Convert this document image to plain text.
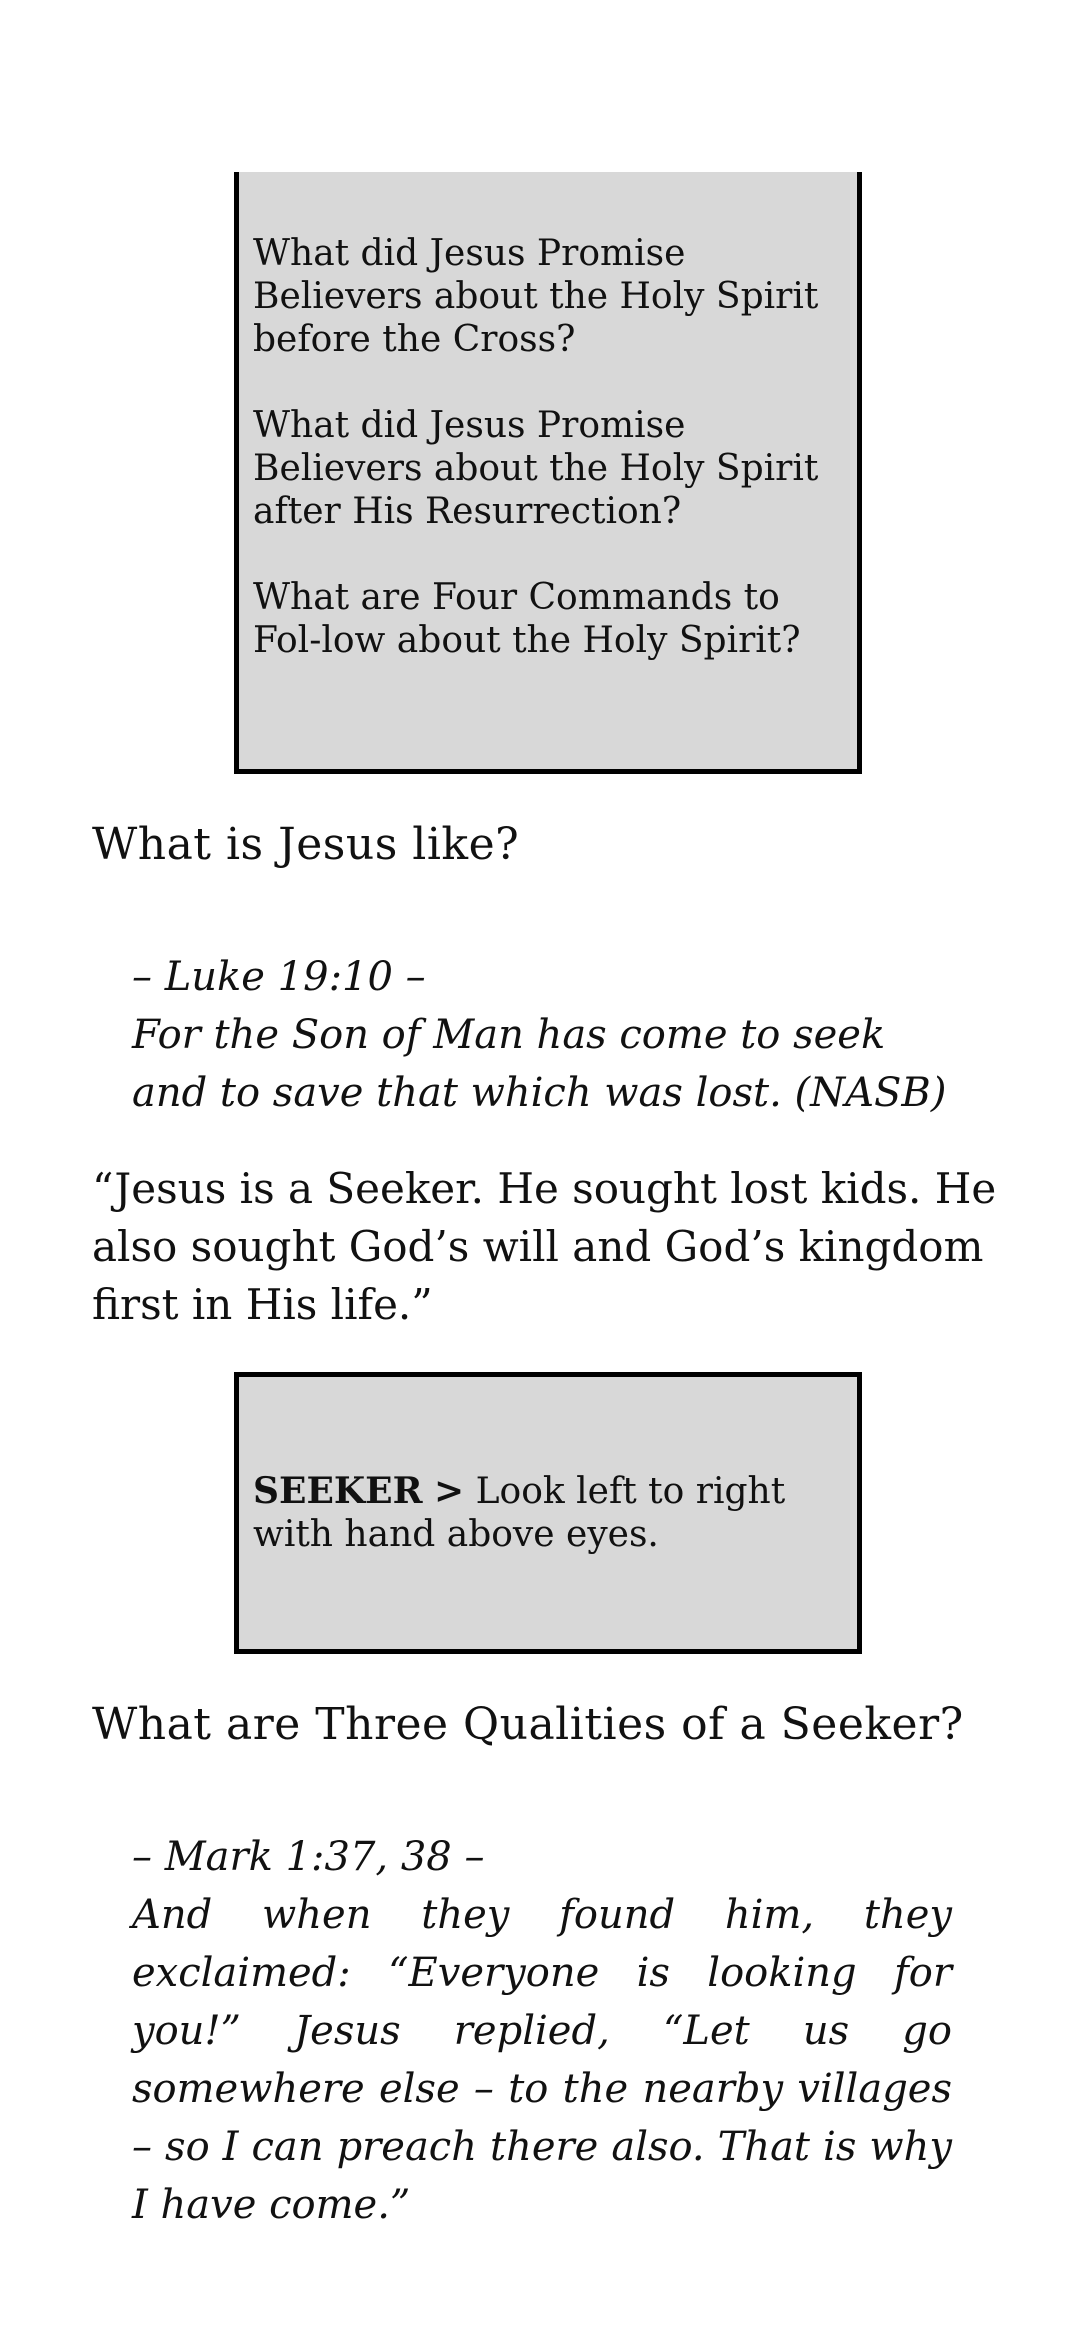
What did Jesus Promise Believers about the Holy Spirit before the Cross?

What did Jesus Promise Believers about the Holy Spirit after His Resurrection?

What are Four Commands to Fol-low about the Holy Spirit?

What is Jesus like?
– Luke 19:10 –
For the Son of Man has come to seek and to save that which was lost. (NASB)

“Jesus is a Seeker. He sought lost kids. He also sought God’s will and God’s kingdom first in His life.”

SEEKER > Look left to right with hand above eyes.

What are Three Qualities of a Seeker?
– Mark 1:37, 38 –
And when they found him, they exclaimed: “Everyone is looking for you!” Jesus replied, “Let us go somewhere else – to the nearby villages – so I can preach there also. That is why I have come.”
